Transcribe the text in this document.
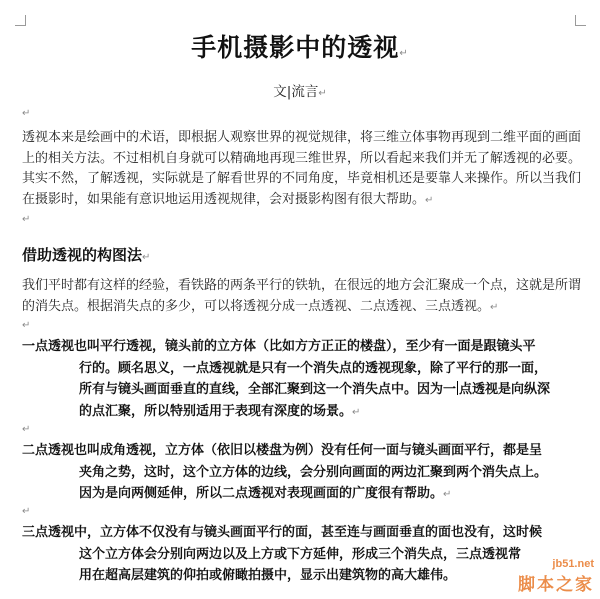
手机摄影中的透视↵
文|流言↵
↵
透视本来是绘画中的术语，即根据人观察世界的视觉规律，将三维立体事物再现到二维平面的画面上的相关方法。不过相机自身就可以精确地再现三维世界，所以看起来我们并无了解透视的必要。其实不然，了解透视，实际就是了解看世界的不同角度，毕竟相机还是要靠人来操作。所以当我们在摄影时，如果能有意识地运用透视规律，会对摄影构图有很大帮助。↵
↵
借助透视的构图法↵
我们平时都有这样的经验，看铁路的两条平行的铁轨，在很远的地方会汇聚成一个点，这就是所谓的消失点。根据消失点的多少，可以将透视分成一点透视、二点透视、三点透视。↵
↵
一点透视也叫平行透视，镜头前的立方体（比如方方正正的楼盘），至少有一面是跟镜头平
行的。顾名思义，一点透视就是只有一个消失点的透视现象，除了平行的那一面，
所有与镜头画面垂直的直线，全部汇聚到这一个消失点中。因为一 点透视是向纵深
的点汇聚，所以特别适用于表现有深度的场景。↵
↵
二点透视也叫成角透视，立方体（依旧以楼盘为例）没有任何一面与镜头画面平行，都是呈
夹角之势，这时，这个立方体的边线，会分别向画面的两边汇聚到两个消失点上。
因为是向两侧延伸，所以二点透视对表现画面的广度很有帮助。↵
↵
三点透视中，立方体不仅没有与镜头画面平行的面，甚至连与画面垂直的面也没有，这时候
这个立方体会分别向两边以及上方或下方延伸，形成三个消失点，三点透视常
用在超高层建筑的仰拍或俯瞰拍摄中，显示出建筑物的高大雄伟。
jb51.net
脚本之家
